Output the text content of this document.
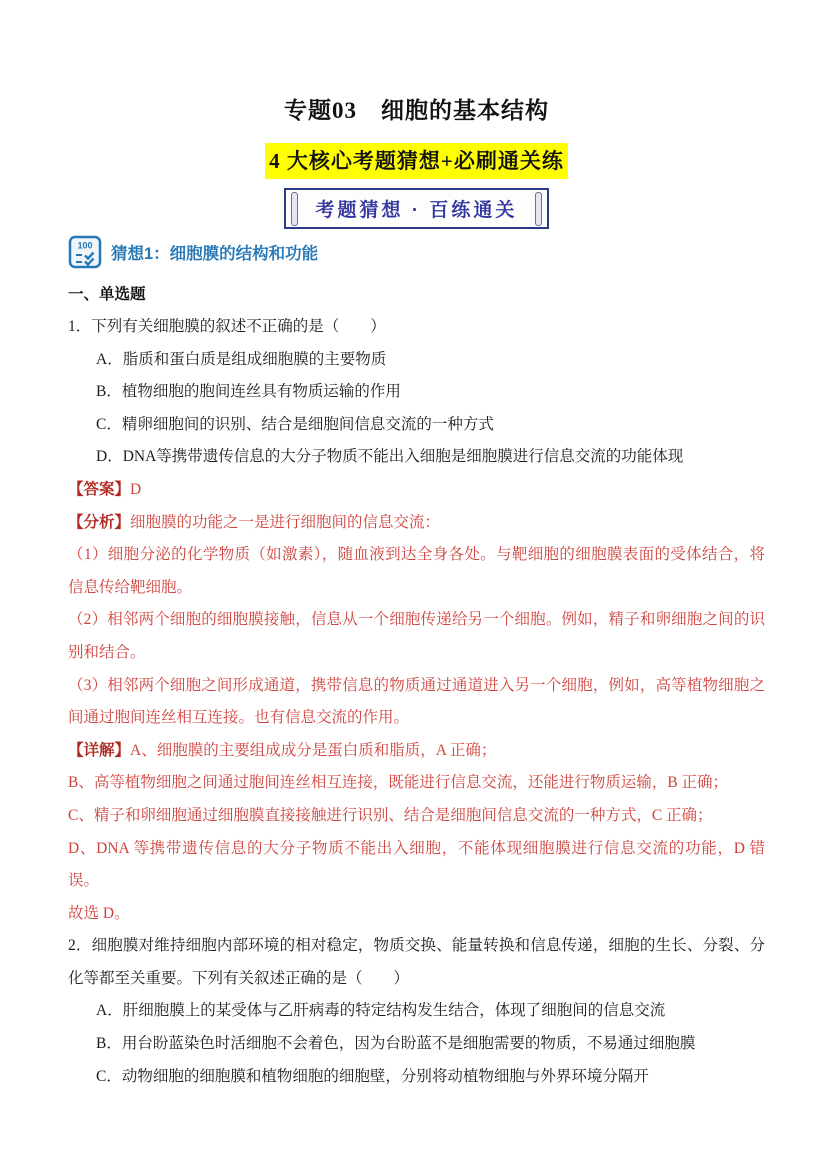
专题03　细胞的基本结构
4 大核心考题猜想+必刷通关练
考题猜想 · 百练通关
100 猜想1：细胞膜的结构和功能

一、单选题

1．下列有关细胞膜的叙述不正确的是（　　）

A．脂质和蛋白质是组成细胞膜的主要物质

B．植物细胞的胞间连丝具有物质运输的作用

C．精卵细胞间的识别、结合是细胞间信息交流的一种方式

D．DNA等携带遗传信息的大分子物质不能出入细胞是细胞膜进行信息交流的功能体现

【答案】D

【分析】细胞膜的功能之一是进行细胞间的信息交流：

（1）细胞分泌的化学物质（如激素），随血液到达全身各处。与靶细胞的细胞膜表面的受体结合，将信息传给靶细胞。

（2）相邻两个细胞的细胞膜接触，信息从一个细胞传递给另一个细胞。例如，精子和卵细胞之间的识别和结合。

（3）相邻两个细胞之间形成通道，携带信息的物质通过通道进入另一个细胞，例如，高等植物细胞之间通过胞间连丝相互连接。也有信息交流的作用。

【详解】A、细胞膜的主要组成成分是蛋白质和脂质，A 正确；

B、高等植物细胞之间通过胞间连丝相互连接，既能进行信息交流，还能进行物质运输，B 正确；

C、精子和卵细胞通过细胞膜直接接触进行识别、结合是细胞间信息交流的一种方式，C 正确；

D、DNA 等携带遗传信息的大分子物质不能出入细胞，不能体现细胞膜进行信息交流的功能，D 错误。

故选 D。

2．细胞膜对维持细胞内部环境的相对稳定，物质交换、能量转换和信息传递，细胞的生长、分裂、分化等都至关重要。下列有关叙述正确的是（　　）

A．肝细胞膜上的某受体与乙肝病毒的特定结构发生结合，体现了细胞间的信息交流

B．用台盼蓝染色时活细胞不会着色，因为台盼蓝不是细胞需要的物质，不易通过细胞膜

C．动物细胞的细胞膜和植物细胞的细胞壁，分别将动植物细胞与外界环境分隔开
